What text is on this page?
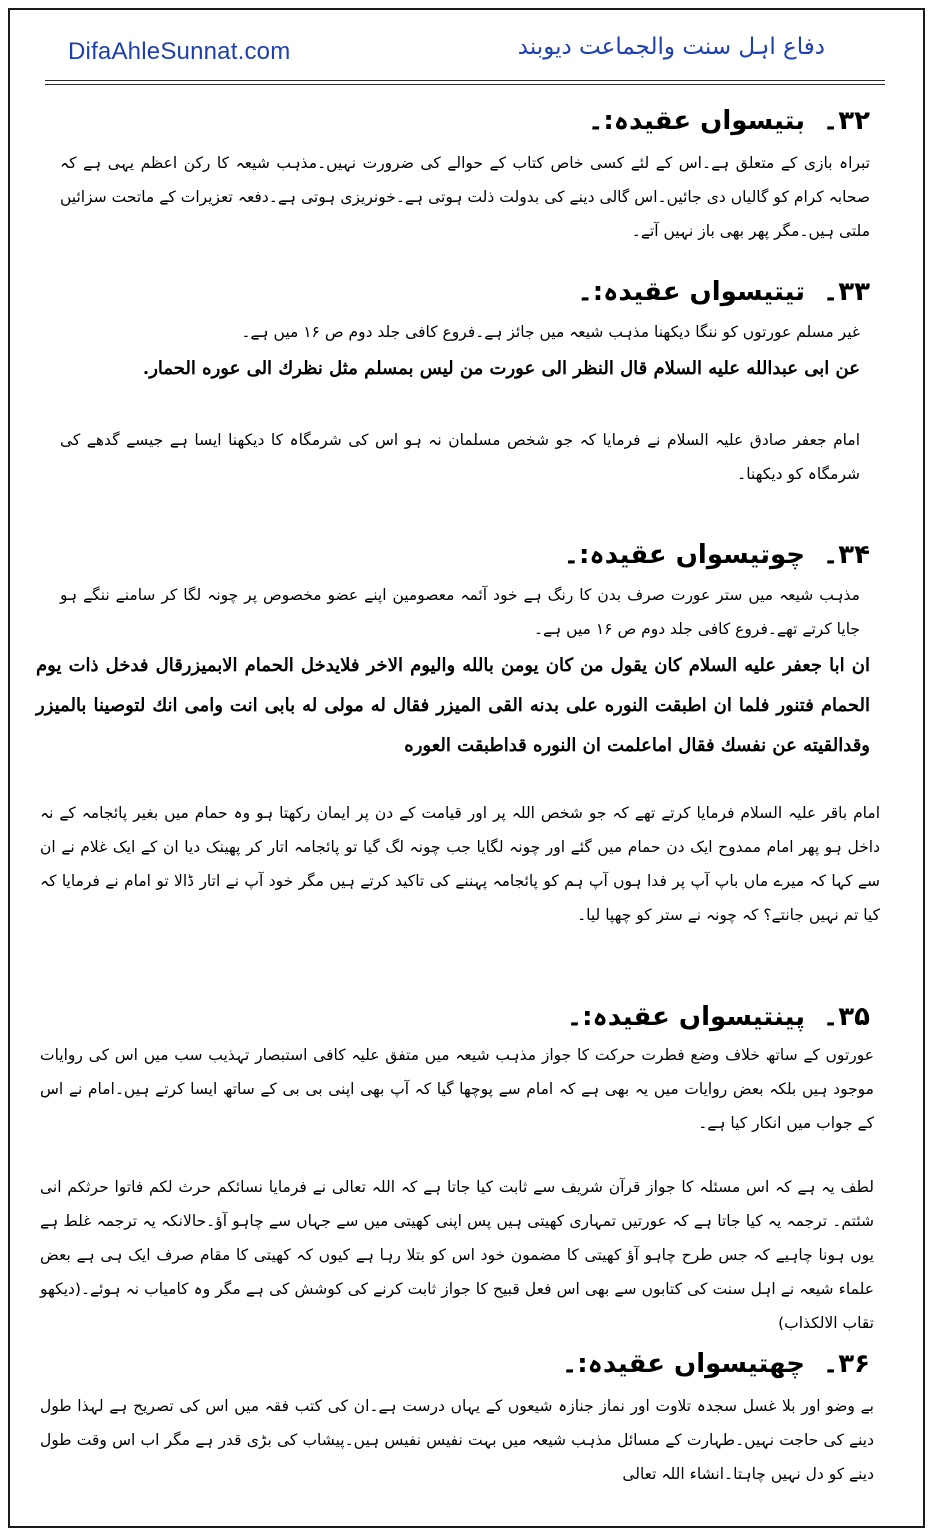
DifaAhleSunnat.com	دفاع اہل سنت والجماعت دیوبند
۳۲۔بتیسواں عقیدہ:۔
تبراہ بازی کے متعلق ہے۔اس کے لئے کسی خاص کتاب کے حوالے کی ضرورت نہیں۔مذہب شیعہ کا رکن اعظم یہی ہے کہ صحابہ کرام کو گالیاں دی جائیں۔اس گالی دینے کی بدولت ذلت ہوتی ہے۔خونریزی ہوتی ہے۔دفعہ تعزیرات کے ماتحت سزائیں ملتی ہیں۔مگر پھر بھی باز نہیں آتے۔
۳۳۔تیتیسواں عقیدہ:۔
غیر مسلم عورتوں کو ننگا دیکھنا مذہب شیعہ میں جائز ہے۔فروع کافی جلد دوم ص ۱۶ میں ہے۔
عن ابی عبدالله علیه السلام قال النظر الی عورت من لیس بمسلم مثل نظرك الی عوره الحمار.
امام جعفر صادق علیہ السلام نے فرمایا کہ جو شخص مسلمان نہ ہو اس کی شرمگاہ کا دیکھنا ایسا ہے جیسے گدھے کی شرمگاہ کو دیکھنا۔
۳۴۔چوتیسواں عقیدہ:۔
مذہب شیعہ میں ستر عورت صرف بدن کا رنگ ہے خود آئمہ معصومین اپنے عضو مخصوص پر چونہ لگا کر سامنے ننگے ہو جایا کرتے تھے۔فروع کافی جلد دوم ص ۱۶ میں ہے۔
ان ابا جعفر علیه السلام کان یقول من کان یومن بالله والیوم الاخر فلایدخل الحمام الابمیزرقال فدخل ذات یوم الحمام فتنور فلما ان اطبقت النوره علی بدنه القی المیزر فقال له مولی له بابی انت وامی انك لتوصینا بالمیزر وقدالقیته عن نفسك فقال اماعلمت ان النوره قداطبقت العوره
امام باقر علیہ السلام فرمایا کرتے تھے کہ جو شخص اللہ پر اور قیامت کے دن پر ایمان رکھتا ہو وہ حمام میں بغیر پائجامہ کے نہ داخل ہو پھر امام ممدوح ایک دن حمام میں گئے اور چونہ لگایا جب چونہ لگ گیا تو پائجامہ اتار کر پھینک دیا ان کے ایک غلام نے ان سے کہا کہ میرے ماں باپ آپ پر فدا ہوں آپ ہم کو پائجامہ پہننے کی تاکید کرتے ہیں مگر خود آپ نے اتار ڈالا تو امام نے فرمایا کہ کیا تم نہیں جانتے؟ کہ چونہ نے ستر کو چھپا لیا۔
۳۵۔پینتیسواں عقیدہ:۔
عورتوں کے ساتھ خلاف وضع فطرت حرکت کا جواز مذہب شیعہ میں متفق علیہ کافی استبصار تہذیب سب میں اس کی روایات موجود ہیں بلکہ بعض روایات میں یہ بھی ہے کہ امام سے پوچھا گیا کہ آپ بھی اپنی بی بی کے ساتھ ایسا کرتے ہیں۔امام نے اس کے جواب میں انکار کیا ہے۔
لطف یہ ہے کہ اس مسئلہ کا جواز قرآن شریف سے ثابت کیا جاتا ہے کہ اللہ تعالی نے فرمایا نسائکم حرث لکم فاتوا حرثکم انی شئتم۔ ترجمہ یہ کیا جاتا ہے کہ عورتیں تمہاری کھیتی ہیں پس اپنی کھیتی میں سے جہاں سے چاہو آؤ۔حالانکہ یہ ترجمہ غلط ہے یوں ہونا چاہیے کہ جس طرح چاہو آؤ کھیتی کا مضمون خود اس کو بتلا رہا ہے کیوں کہ کھیتی کا مقام صرف ایک ہی ہے بعض علماء شیعہ نے اہل سنت کی کتابوں سے بھی اس فعل قبیح کا جواز ثابت کرنے کی کوشش کی ہے مگر وہ کامیاب نہ ہوئے۔(دیکھو تقاب الالکذاب)
۳۶۔چھتیسواں عقیدہ:۔
بے وضو اور بلا غسل سجدہ تلاوت اور نماز جنازہ شیعوں کے یہاں درست ہے۔ان کی کتب فقہ میں اس کی تصریح ہے لہذا طول دینے کی حاجت نہیں۔طہارت کے مسائل مذہب شیعہ میں بہت نفیس نفیس ہیں۔پیشاب کی بڑی قدر ہے مگر اب اس وقت طول دینے کو دل نہیں چاہتا۔انشاء اللہ تعالی
